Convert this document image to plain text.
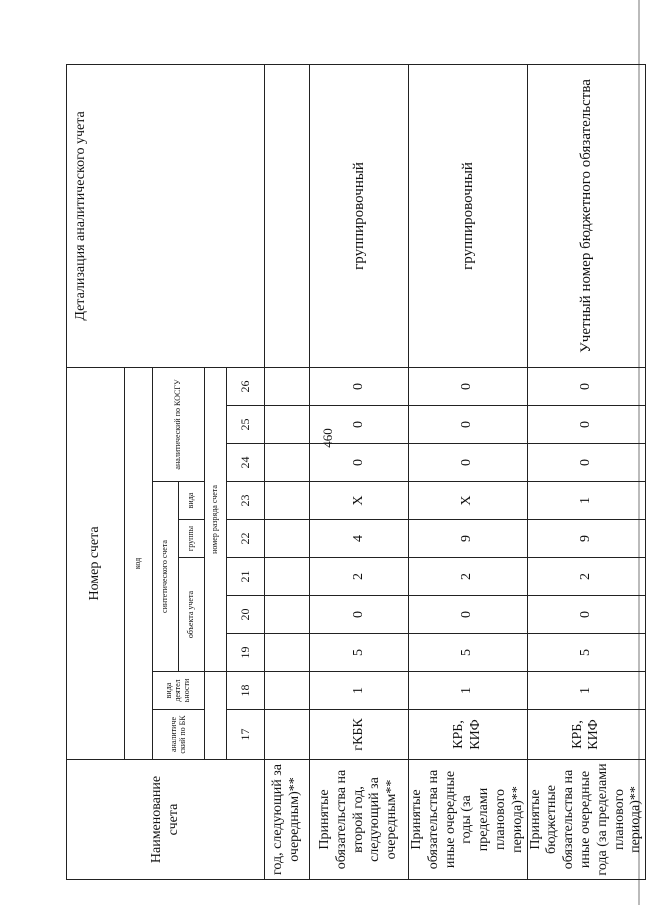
460
Наименование счета	Номер счета										Детализация аналитического учета
	код										
	аналитиче ский по БК	вида деятел ьности	синтетического счета					аналитический по КОСГУ			
			объекта учета			группы	вида				
			номер разряда счета								
	17	18	19	20	21	22	23	24	25	26	
год, следующий за очередным)**											
Принятые обязательства на второй год, следующий за очередным**	гКБК	1	5	0	2	4	X	0	0	0	группировочный
Принятые обязательства на иные очередные годы (за пределами планового периода)**	КРБ, КИФ	1	5	0	2	9	X	0	0	0	группировочный
Принятые бюджетные обязательства на иные очередные года (за пределами планового периода)**	КРБ, КИФ	1	5	0	2	9	1	0	0	0	Учетный номер бюджетного обязательства
